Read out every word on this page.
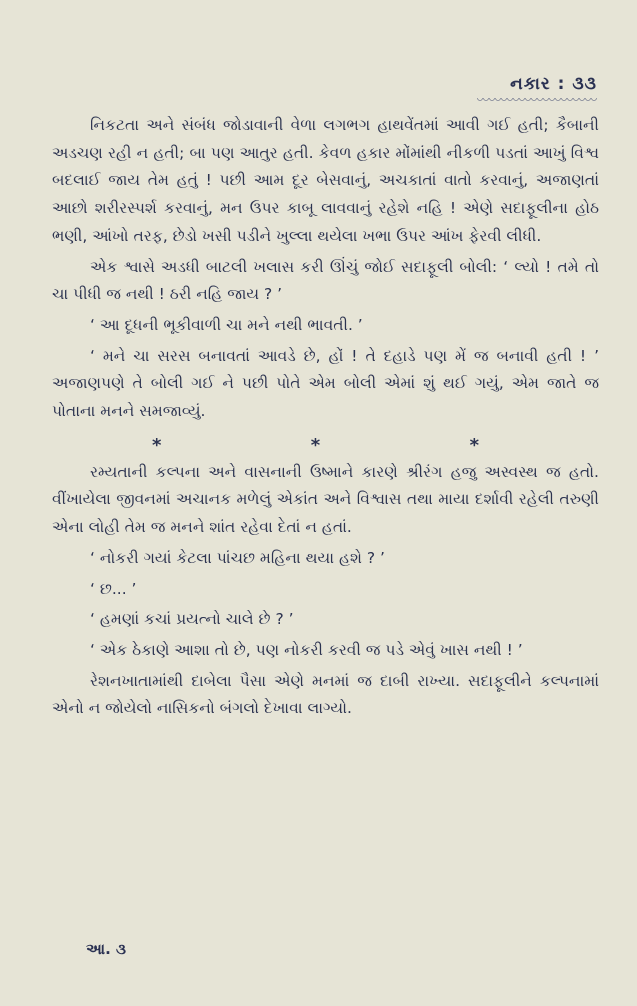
નકાર : ૩૩

નિકટતા અને સંબંધ જોડાવાની વેળા લગભગ હાથવેંતમાં આવી ગઈ હતી; કૈબાની અડચણ રહી ન હતી; બા પણ આતુર હતી. કેવળ હકાર મોંમાંથી નીકળી પડતાં આખું વિશ્વ બદલાઈ જાય તેમ હતું ! પછી આમ દૂર બેસવાનું, અચકાતાં વાતો કરવાનું, અજાણતાં આછો શરીરસ્પર્શ કરવાનું, મન ઉપર કાબૂ લાવવાનું રહેશે નહિ ! એણે સદાફૂલીના હોઠ ભણી, આંખો તરફ, છેડો ખસી પડીને ખુલ્લા થયેલા ખભા ઉપર આંખ ફેરવી લીધી.

એક શ્વાસે અડધી બાટલી ખલાસ કરી ઊંચું જોઈ સદાફૂલી બોલી: ‘ લ્યો ! તમે તો ચા પીધી જ નથી ! ઠરી નહિ જાય ? ’

‘ આ દૂધની ભૂકીવાળી ચા મને નથી ભાવતી. ’

‘ મને ચા સરસ બનાવતાં આવડે છે, હોં ! તે દહાડે પણ મેં જ બનાવી હતી ! ’ અજાણપણે તે બોલી ગઈ ને પછી પોતે એમ બોલી એમાં શું થઈ ગયું, એમ જાતે જ પોતાના મનને સમજાવ્યું.

*	*	*

રમ્યતાની કલ્પના અને વાસનાની ઉષ્માને કારણે શ્રીરંગ હજુ અસ્વસ્થ જ હતો. વીંખાયેલા જીવનમાં અચાનક મળેલું એકાંત અને વિશ્વાસ તથા માયા દર્શાવી રહેલી તરુણી એના લોહી તેમ જ મનને શાંત રહેવા દેતાં ન હતાં.

‘ નોકરી ગયાં કેટલા પાંચછ મહિના થયા હશે ? ’

‘ છ... ’

‘ હમણાં કચાં પ્રયત્નો ચાલે છે ? ’

‘ એક ઠેકાણે આશા તો છે, પણ નોકરી કરવી જ પડે એવું ખાસ નથી ! ’

રેશનખાતામાંથી દાબેલા પૈસા એણે મનમાં જ દાબી રાખ્યા. સદાફૂલીને કલ્પનામાં એનો ન જોયેલો નાસિકનો બંગલો દેખાવા લાગ્યો.

આ. ૩
